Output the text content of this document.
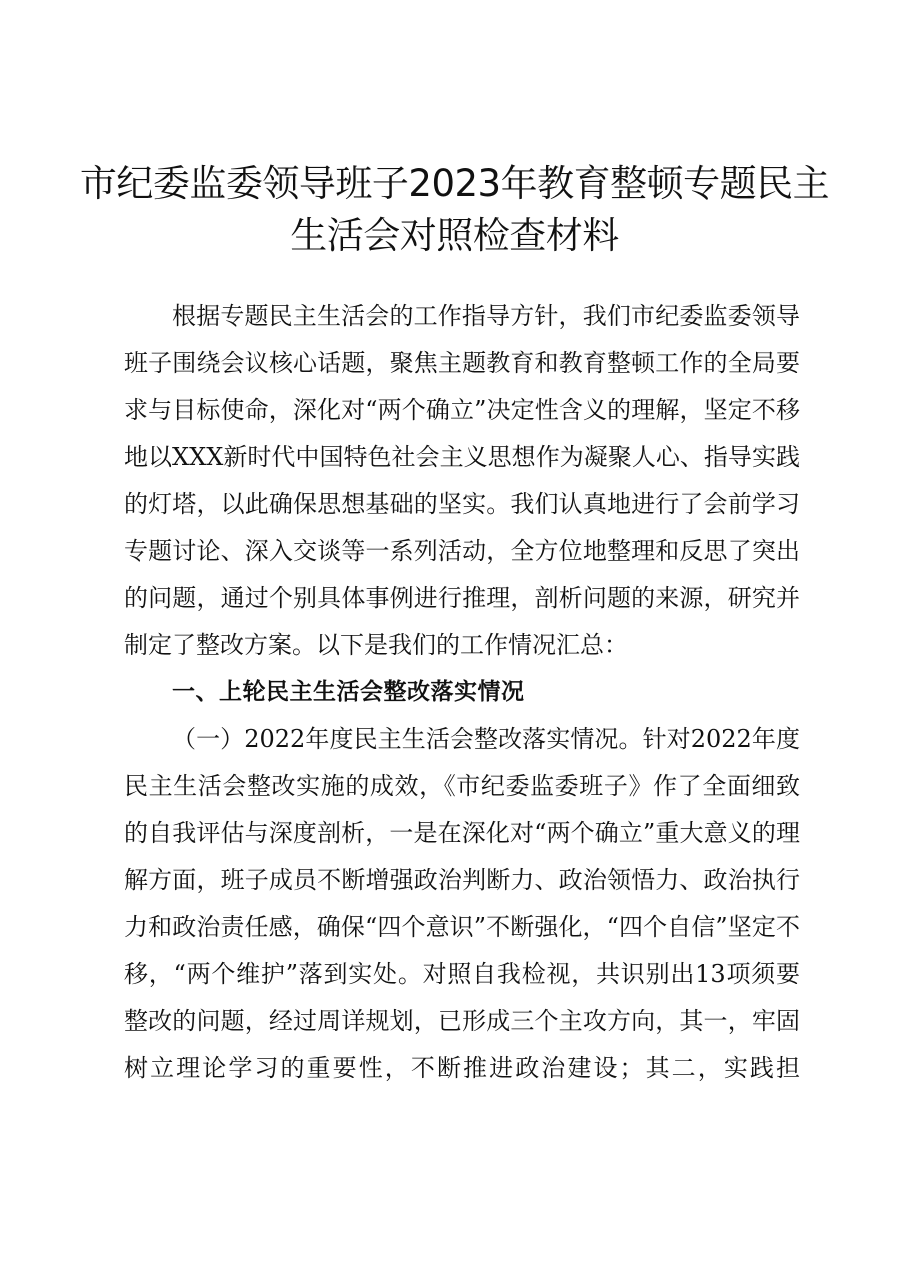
市纪委监委领导班子2023年教育整顿专题民主
生活会对照检查材料

根据专题民主生活会的工作指导方针，我们市纪委监委领导班子围绕会议核心话题，聚焦主题教育和教育整顿工作的全局要求与目标使命，深化对“两个确立”决定性含义的理解，坚定不移地以XXX新时代中国特色社会主义思想作为凝聚人心、指导实践的灯塔，以此确保思想基础的坚实。我们认真地进行了会前学习专题讨论、深入交谈等一系列活动，全方位地整理和反思了突出的问题，通过个别具体事例进行推理，剖析问题的来源，研究并制定了整改方案。以下是我们的工作情况汇总：

一、上轮民主生活会整改落实情况

（一）2022年度民主生活会整改落实情况。针对2022年度民主生活会整改实施的成效，《市纪委监委班子》作了全面细致的自我评估与深度剖析，一是在深化对“两个确立”重大意义的理解方面，班子成员不断增强政治判断力、政治领悟力、政治执行力和政治责任感，确保“四个意识”不断强化，“四个自信”坚定不移，“两个维护”落到实处。对照自我检视，共识别出13项须要整改的问题，经过周详规划，已形成三个主攻方向，其一，牢固树立理论学习的重要性，不断推进政治建设；其二，实践担
